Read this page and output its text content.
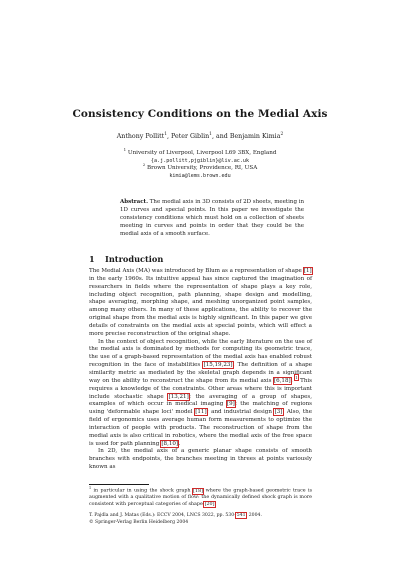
Consistency Conditions on the Medial Axis
Anthony Pollitt$^1$, Peter Giblin$^1$, and Benjamin Kimia$^2$
$^1$ University of Liverpool, Liverpool L69 3BX, England
{a.j.pollitt,pjgiblin}@liv.ac.uk
$^2$ Brown University, Providence, RI, USA
kimia@lems.brown.edu
Abstract. The medial axis in 3D consists of 2D sheets, meeting in 1D curves and special points. In this paper we investigate the consistency conditions which must hold on a collection of sheets meeting in curves and points in order that they could be the medial axis of a smooth surface.
1 Introduction

The Medial Axis (MA) was introduced by Blum as a representation of shape [1] in the early 1960s. Its intuitive appeal has since captured the imagination of researchers in fields where the representation of shape plays a key role, including object recognition, path planning, shape design and modelling, shape averaging, morphing shape, and meshing unorganized point samples, among many others. In many of these applications, the ability to recover the original shape from the medial axis is highly significant. In this paper we give details of constraints on the medial axis at special points, which will effect a more precise reconstruction of the original shape.

In the context of object recognition, while the early literature on the use of the medial axis is dominated by methods for computing its geometric trace, the use of a graph-based representation of the medial axis has enabled robust recognition in the face of instabilities [15,19,23]. The definition of a shape similarity metric as mediated by the skeletal graph depends in a significant way on the ability to reconstruct the shape from its medial axis [6,18]. $^1$ This requires a knowledge of the constraints. Other areas where this is important include stochastic shape [13,21]; the averaging of a group of shapes, examples of which occur in medical imaging [9]; the matching of regions using 'deformable shape loci' model [11]; and industrial design [3]. Also, the field of ergonomics uses average human form measurements to optimize the interaction of people with products. The reconstruction of shape from the medial axis is also critical in robotics, where the medial axis of the free space is used for path planning [8,10].

In 2D, the medial axis of a generic planar shape consists of smooth branches with endpoints, the branches meeting in threes at points variously known as

$^1$ in particular in using the shock graph [18] where the graph-based geometric trace is augmented with a qualitative motion of flow: the dynamically defined shock graph is more consistent with perceptual categories of shape [20].
T. Pajdla and J. Matas (Eds.): ECCV 2004, LNCS 3022, pp. 530–541, 2004.
© Springer-Verlag Berlin Heidelberg 2004
